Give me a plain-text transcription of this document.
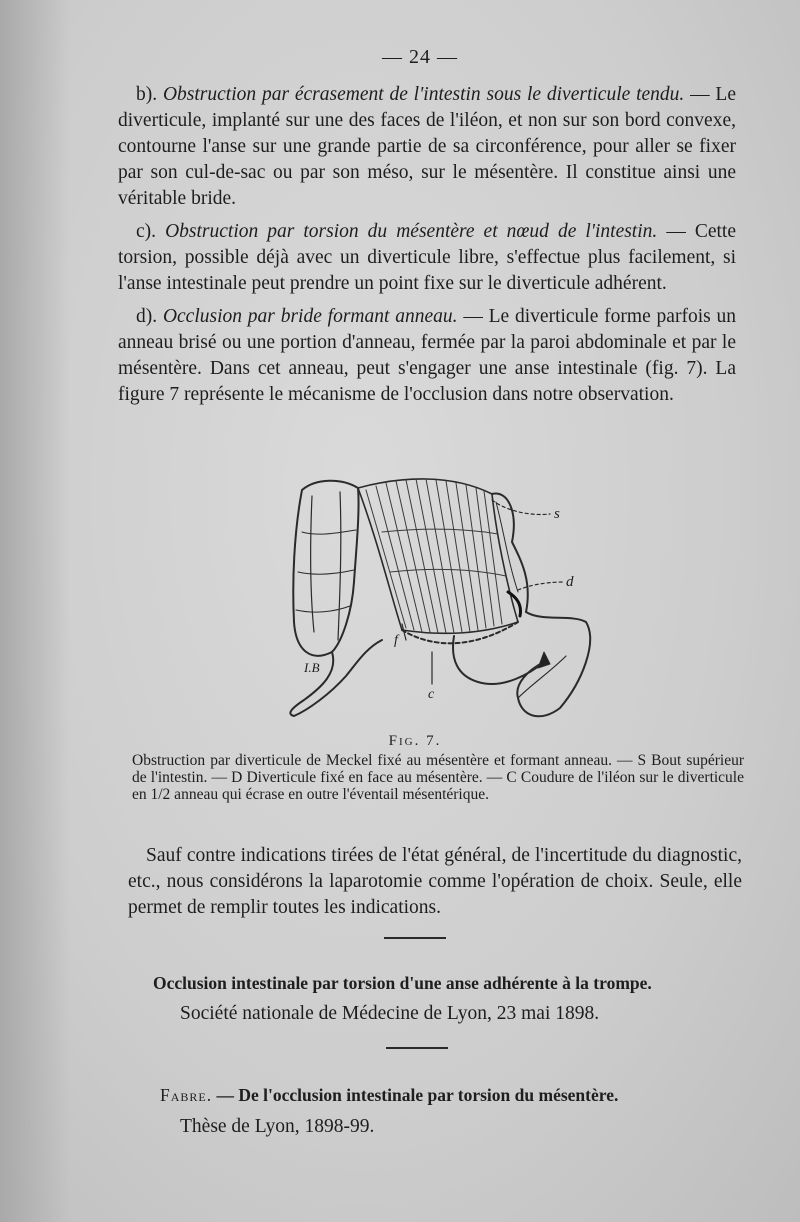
— 24 —

b). Obstruction par écrasement de l'intestin sous le diverticule tendu. — Le diverticule, implanté sur une des faces de l'iléon, et non sur son bord convexe, contourne l'anse sur une grande partie de sa circonférence, pour aller se fixer par son cul-de-sac ou par son méso, sur le mésentère. Il constitue ainsi une véritable bride.

c). Obstruction par torsion du mésentère et nœud de l'intestin. — Cette torsion, possible déjà avec un diverticule libre, s'effectue plus facilement, si l'anse intestinale peut prendre un point fixe sur le diverticule adhérent.

d). Occlusion par bride formant anneau. — Le diverticule forme parfois un anneau brisé ou une portion d'anneau, fermée par la paroi abdominale et par le mésentère. Dans cet anneau, peut s'engager une anse intestinale (fig. 7). La figure 7 représente le mécanisme de l'occlusion dans notre observation.

s
d
f
c
I.B
Fig. 7.
Obstruction par diverticule de Meckel fixé au mésentère et formant anneau. — S Bout supérieur de l'intestin. — D Diverticule fixé en face au mésentère. — C Coudure de l'iléon sur le diverticule en 1/2 anneau qui écrase en outre l'éventail mésentérique.
Sauf contre indications tirées de l'état général, de l'incertitude du diagnostic, etc., nous considérons la laparotomie comme l'opération de choix. Seule, elle permet de remplir toutes les indications.
Occlusion intestinale par torsion d'une anse adhérente à la trompe.
Société nationale de Médecine de Lyon, 23 mai 1898.
Fabre. — De l'occlusion intestinale par torsion du mésentère.
Thèse de Lyon, 1898-99.
